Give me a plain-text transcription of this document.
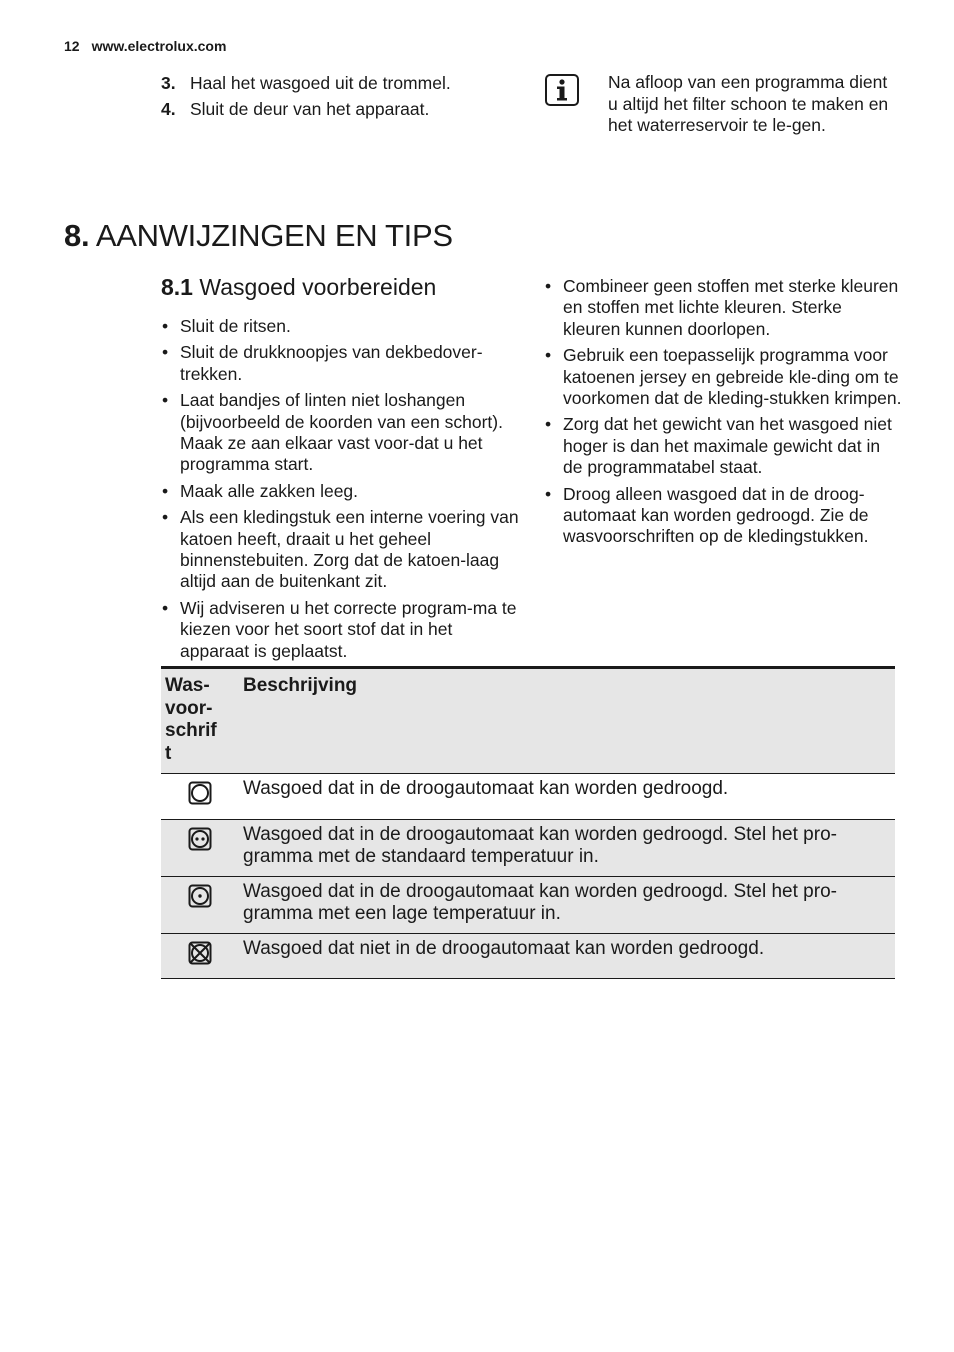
12 www.electrolux.com
3. Haal het wasgoed uit de trommel.
4. Sluit de deur van het apparaat.
Na afloop van een programma dient u altijd het filter schoon te maken en het waterreservoir te le-gen.
8. AANWIJZINGEN EN TIPS
8.1 Wasgoed voorbereiden
• Sluit de ritsen.
• Sluit de drukknoopjes van dekbedover-trekken.
• Laat bandjes of linten niet loshangen (bijvoorbeeld de koorden van een schort). Maak ze aan elkaar vast voor-dat u het programma start.
• Maak alle zakken leeg.
• Als een kledingstuk een interne voering van katoen heeft, draait u het geheel binnenstebuiten. Zorg dat de katoen-laag altijd aan de buitenkant zit.
• Wij adviseren u het correcte program-ma te kiezen voor het soort stof dat in het apparaat is geplaatst.
• Combineer geen stoffen met sterke kleuren en stoffen met lichte kleuren. Sterke kleuren kunnen doorlopen.
• Gebruik een toepasselijk programma voor katoenen jersey en gebreide kle-ding om te voorkomen dat de kleding-stukken krimpen.
• Zorg dat het gewicht van het wasgoed niet hoger is dan het maximale gewicht dat in de programmatabel staat.
• Droog alleen wasgoed dat in de droog-automaat kan worden gedroogd. Zie de wasvoorschriften op de kledingstukken.
Was-
voor-
schrif
t	Beschrijving
	Wasgoed dat in de droogautomaat kan worden gedroogd.
	Wasgoed dat in de droogautomaat kan worden gedroogd. Stel het pro-gramma met de standaard temperatuur in.
	Wasgoed dat in de droogautomaat kan worden gedroogd. Stel het pro-gramma met een lage temperatuur in.
	Wasgoed dat niet in de droogautomaat kan worden gedroogd.
